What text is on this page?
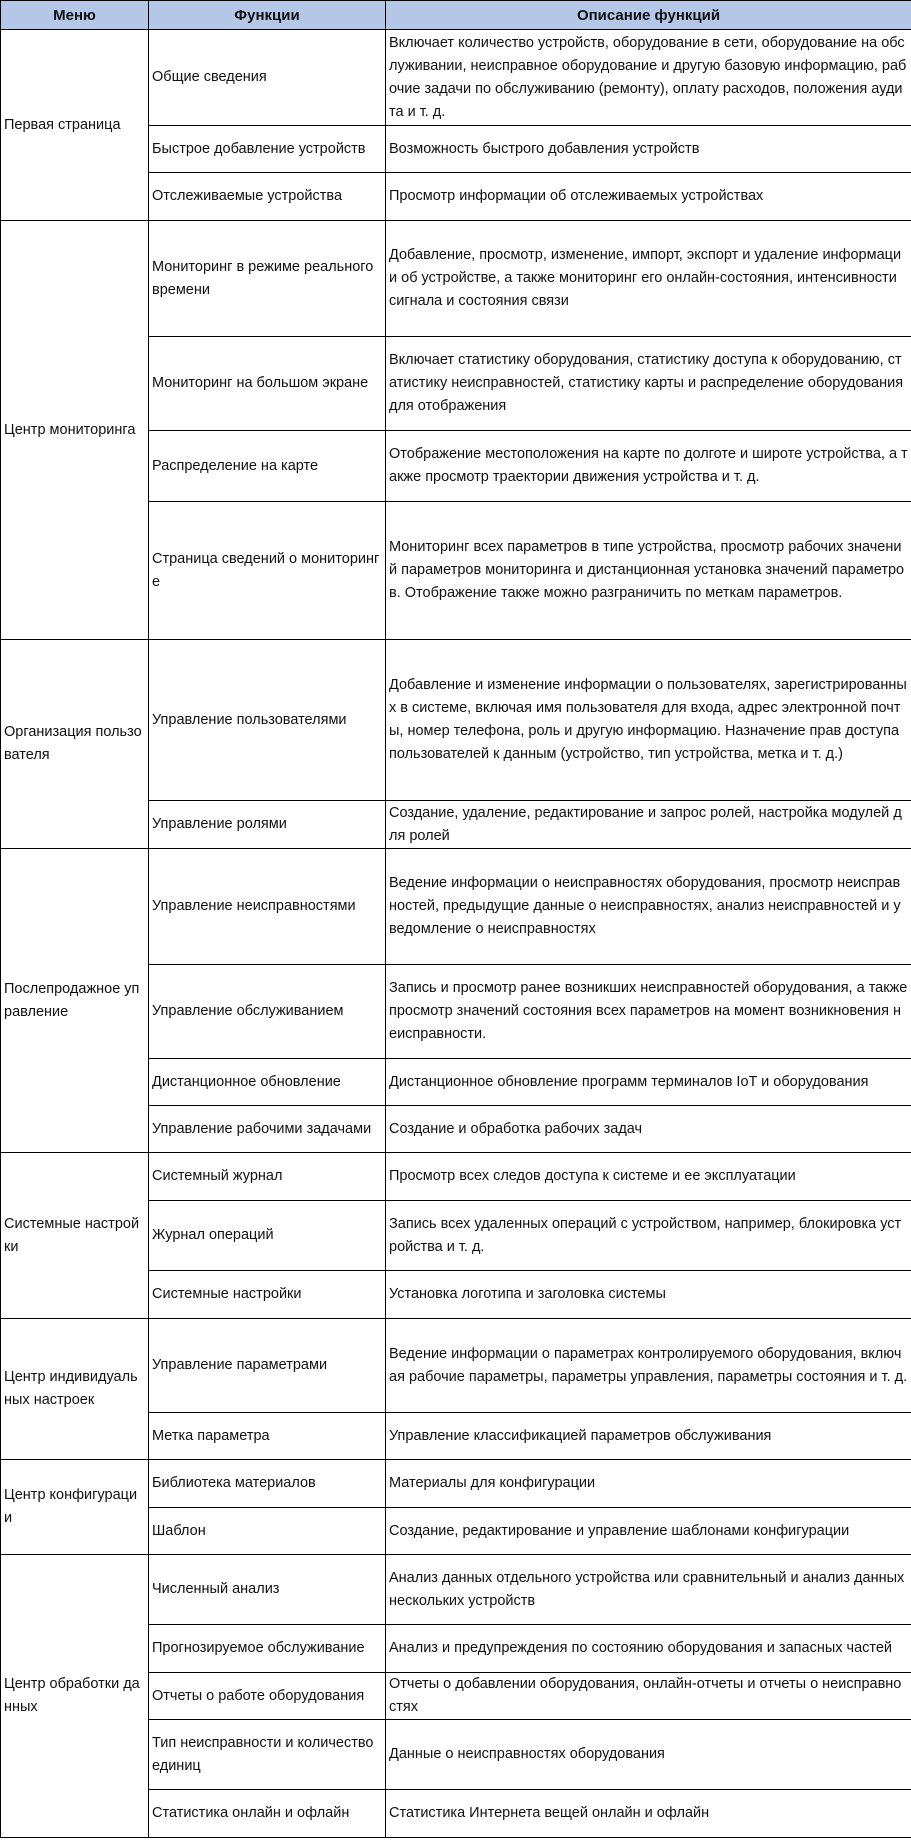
Меню	Функции	Описание функций
Первая страница	Общие сведения	Включает количество устройств, оборудование в сети, оборудование на обслуживании, неисправное оборудование и другую базовую информацию, рабочие задачи по обслуживанию (ремонту), оплату расходов, положения аудита и т. д.
	Быстрое добавление устройств	Возможность быстрого добавления устройств
	Отслеживаемые устройства	Просмотр информации об отслеживаемых устройствах
Центр мониторинга	Мониторинг в режиме реального времени	Добавление, просмотр, изменение, импорт, экспорт и удаление информации об устройстве, а также мониторинг его онлайн-состояния, интенсивности сигнала и состояния связи
	Мониторинг на большом экране	Включает статистику оборудования, статистику доступа к оборудованию, статистику неисправностей, статистику карты и распределение оборудования для отображения
	Распределение на карте	Отображение местоположения на карте по долготе и широте устройства, а также просмотр траектории движения устройства и т. д.
	Страница сведений о мониторинге	Мониторинг всех параметров в типе устройства, просмотр рабочих значений параметров мониторинга и дистанционная установка значений параметров. Отображение также можно разграничить по меткам параметров.
Организация пользователя	Управление пользователями	Добавление и изменение информации о пользователях, зарегистрированных в системе, включая имя пользователя для входа, адрес электронной почты, номер телефона, роль и другую информацию. Назначение прав доступа пользователей к данным (устройство, тип устройства, метка и т. д.)
	Управление ролями	Создание, удаление, редактирование и запрос ролей, настройка модулей для ролей
Послепродажное управление	Управление неисправностями	Ведение информации о неисправностях оборудования, просмотр неисправностей, предыдущие данные о неисправностях, анализ неисправностей и уведомление о неисправностях
	Управление обслуживанием	Запись и просмотр ранее возникших неисправностей оборудования, а также просмотр значений состояния всех параметров на момент возникновения неисправности.
	Дистанционное обновление	Дистанционное обновление программ терминалов IoT и оборудования
	Управление рабочими задачами	Создание и обработка рабочих задач
Системные настройки	Системный журнал	Просмотр всех следов доступа к системе и ее эксплуатации
	Журнал операций	Запись всех удаленных операций с устройством, например, блокировка устройства и т. д.
	Системные настройки	Установка логотипа и заголовка системы
Центр индивидуальных настроек	Управление параметрами	Ведение информации о параметрах контролируемого оборудования, включая рабочие параметры, параметры управления, параметры состояния и т. д.
	Метка параметра	Управление классификацией параметров обслуживания
Центр конфигурации	Библиотека материалов	Материалы для конфигурации
	Шаблон	Создание, редактирование и управление шаблонами конфигурации
Центр обработки данных	Численный анализ	Анализ данных отдельного устройства или сравнительный и анализ данных нескольких устройств
	Прогнозируемое обслуживание	Анализ и предупреждения по состоянию оборудования и запасных частей
	Отчеты о работе оборудования	Отчеты о добавлении оборудования, онлайн-отчеты и отчеты о неисправностях
	Тип неисправности и количество единиц	Данные о неисправностях оборудования
	Статистика онлайн и офлайн	Статистика Интернета вещей онлайн и офлайн
